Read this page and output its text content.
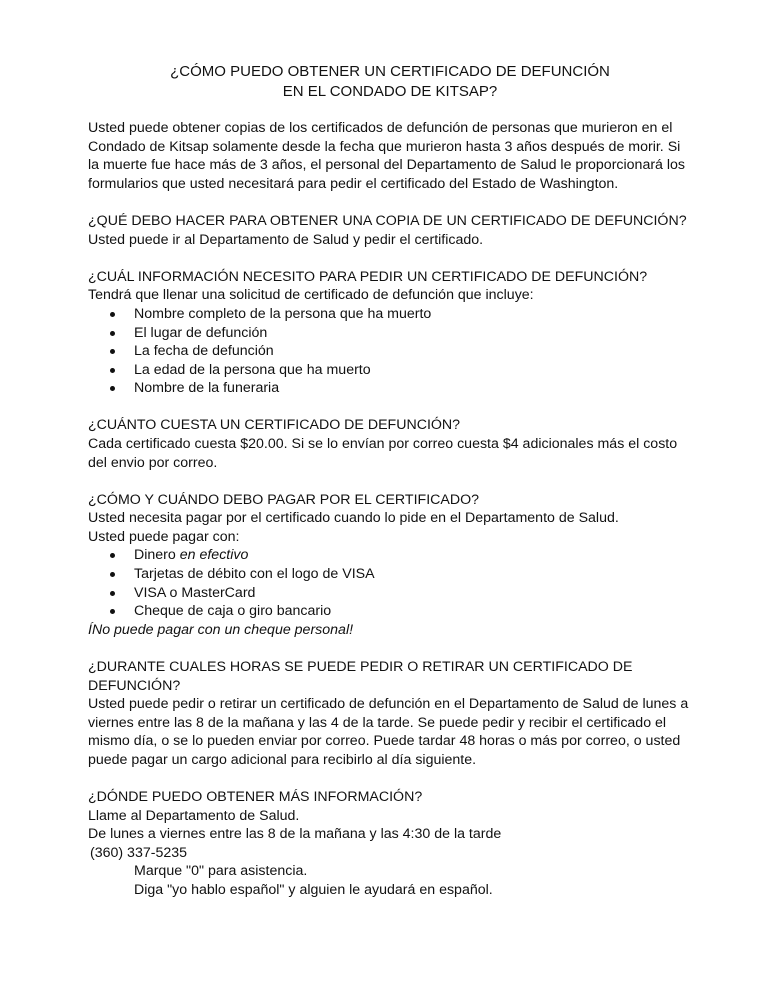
¿CÓMO PUEDO OBTENER UN CERTIFICADO DE DEFUNCIÓN
EN EL CONDADO DE KITSAP?

Usted puede obtener copias de los certificados de defunción de personas que murieron en el Condado de Kitsap solamente desde la fecha que murieron hasta 3 años después de morir. Si la muerte fue hace más de 3 años, el personal del Departamento de Salud le proporcionará los formularios que usted necesitará para pedir el certificado del Estado de Washington.

¿QUÉ DEBO HACER PARA OBTENER UNA COPIA DE UN CERTIFICADO DE DEFUNCIÓN?

Usted puede ir al Departamento de Salud y pedir el certificado.

¿CUÁL INFORMACIÓN NECESITO PARA PEDIR UN CERTIFICADO DE DEFUNCIÓN?

Tendrá que llenar una solicitud de certificado de defunción que incluye:

Nombre completo de la persona que ha muerto
El lugar de defunción
La fecha de defunción
La edad de la persona que ha muerto
Nombre de la funeraria
¿CUÁNTO CUESTA UN CERTIFICADO DE DEFUNCIÓN?

Cada certificado cuesta $20.00. Si se lo envían por correo cuesta $4 adicionales más el costo del envio por correo.

¿CÓMO Y CUÁNDO DEBO PAGAR POR EL CERTIFICADO?

Usted necesita pagar por el certificado cuando lo pide en el Departamento de Salud.

Usted puede pagar con:

Dinero en efectivo
Tarjetas de débito con el logo de VISA
VISA o MasterCard
Cheque de caja o giro bancario

ÍNo puede pagar con un cheque personal!

¿DURANTE CUALES HORAS SE PUEDE PEDIR O RETIRAR UN CERTIFICADO DE DEFUNCIÓN?

Usted puede pedir o retirar un certificado de defunción en el Departamento de Salud de lunes a viernes entre las 8 de la mañana y las 4 de la tarde. Se puede pedir y recibir el certificado el mismo día, o se lo pueden enviar por correo. Puede tardar 48 horas o más por correo, o usted puede pagar un cargo adicional para recibirlo al día siguiente.

¿DÓNDE PUEDO OBTENER MÁS INFORMACIÓN?
Llame al Departamento de Salud.
De lunes a viernes entre las 8 de la mañana y las 4:30 de la tarde
(360) 337-5235
Marque "0" para asistencia.
Diga "yo hablo español" y alguien le ayudará en español.
